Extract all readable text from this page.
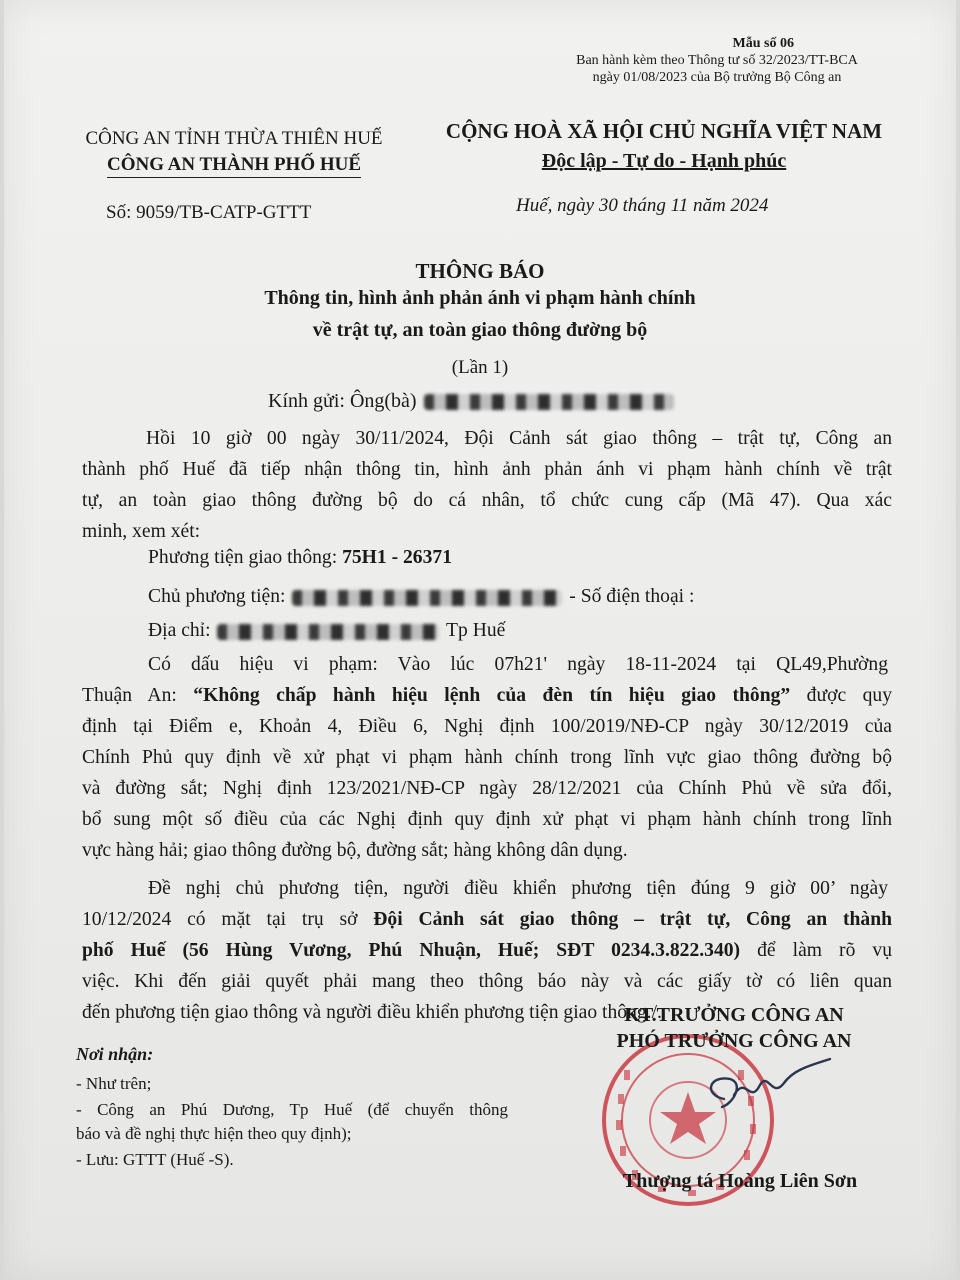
Mẫu số 06
Ban hành kèm theo Thông tư số 32/2023/TT-BCA
ngày 01/08/2023 của Bộ trưởng Bộ Công an
CÔNG AN TỈNH THỪA THIÊN HUẾ
CÔNG AN THÀNH PHỐ HUẾ
CỘNG HOÀ XÃ HỘI CHỦ NGHĨA VIỆT NAM
Độc lập - Tự do - Hạnh phúc
Số: 9059/TB-CATP-GTTT	Huế, ngày 30 tháng 11 năm 2024
THÔNG BÁO
Thông tin, hình ảnh phản ánh vi phạm hành chính
về trật tự, an toàn giao thông đường bộ
(Lần 1)
Kính gửi: Ông(bà)
Hồi 10 giờ 00 ngày 30/11/2024, Đội Cảnh sát giao thông – trật tự, Công an
thành phố Huế đã tiếp nhận thông tin, hình ảnh phản ánh vi phạm hành chính về trật
tự, an toàn giao thông đường bộ do cá nhân, tổ chức cung cấp (Mã 47). Qua xác
minh, xem xét:
Phương tiện giao thông: 75H1 - 26371
Chủ phương tiện:	- Số điện thoại :
Địa chỉ:	Tp Huế
Có dấu hiệu vi phạm: Vào lúc 07h21' ngày 18-11-2024 tại QL49,Phường
Thuận An: “Không chấp hành hiệu lệnh của đèn tín hiệu giao thông” được quy
định tại Điểm e, Khoản 4, Điều 6, Nghị định 100/2019/NĐ-CP ngày 30/12/2019 của
Chính Phủ quy định về xử phạt vi phạm hành chính trong lĩnh vực giao thông đường bộ
và đường sắt; Nghị định 123/2021/NĐ-CP ngày 28/12/2021 của Chính Phủ về sửa đổi,
bổ sung một số điều của các Nghị định quy định xử phạt vi phạm hành chính trong lĩnh
vực hàng hải; giao thông đường bộ, đường sắt; hàng không dân dụng.
Đề nghị chủ phương tiện, người điều khiển phương tiện đúng 9 giờ 00’ ngày
10/12/2024 có mặt tại trụ sở Đội Cảnh sát giao thông – trật tự, Công an thành
phố Huế (56 Hùng Vương, Phú Nhuận, Huế; SĐT 0234.3.822.340) để làm rõ vụ
việc. Khi đến giải quyết phải mang theo thông báo này và các giấy tờ có liên quan
đến phương tiện giao thông và người điều khiển phương tiện giao thông./.
Nơi nhận:
- Như trên;
- Công an Phú Dương, Tp Huế (để chuyển thông
báo và đề nghị thực hiện theo quy định);
- Lưu: GTTT (Huế -S).
KT.TRƯỞNG CÔNG AN
PHÓ TRƯỞNG CÔNG AN
Thượng tá Hoàng Liên Sơn
